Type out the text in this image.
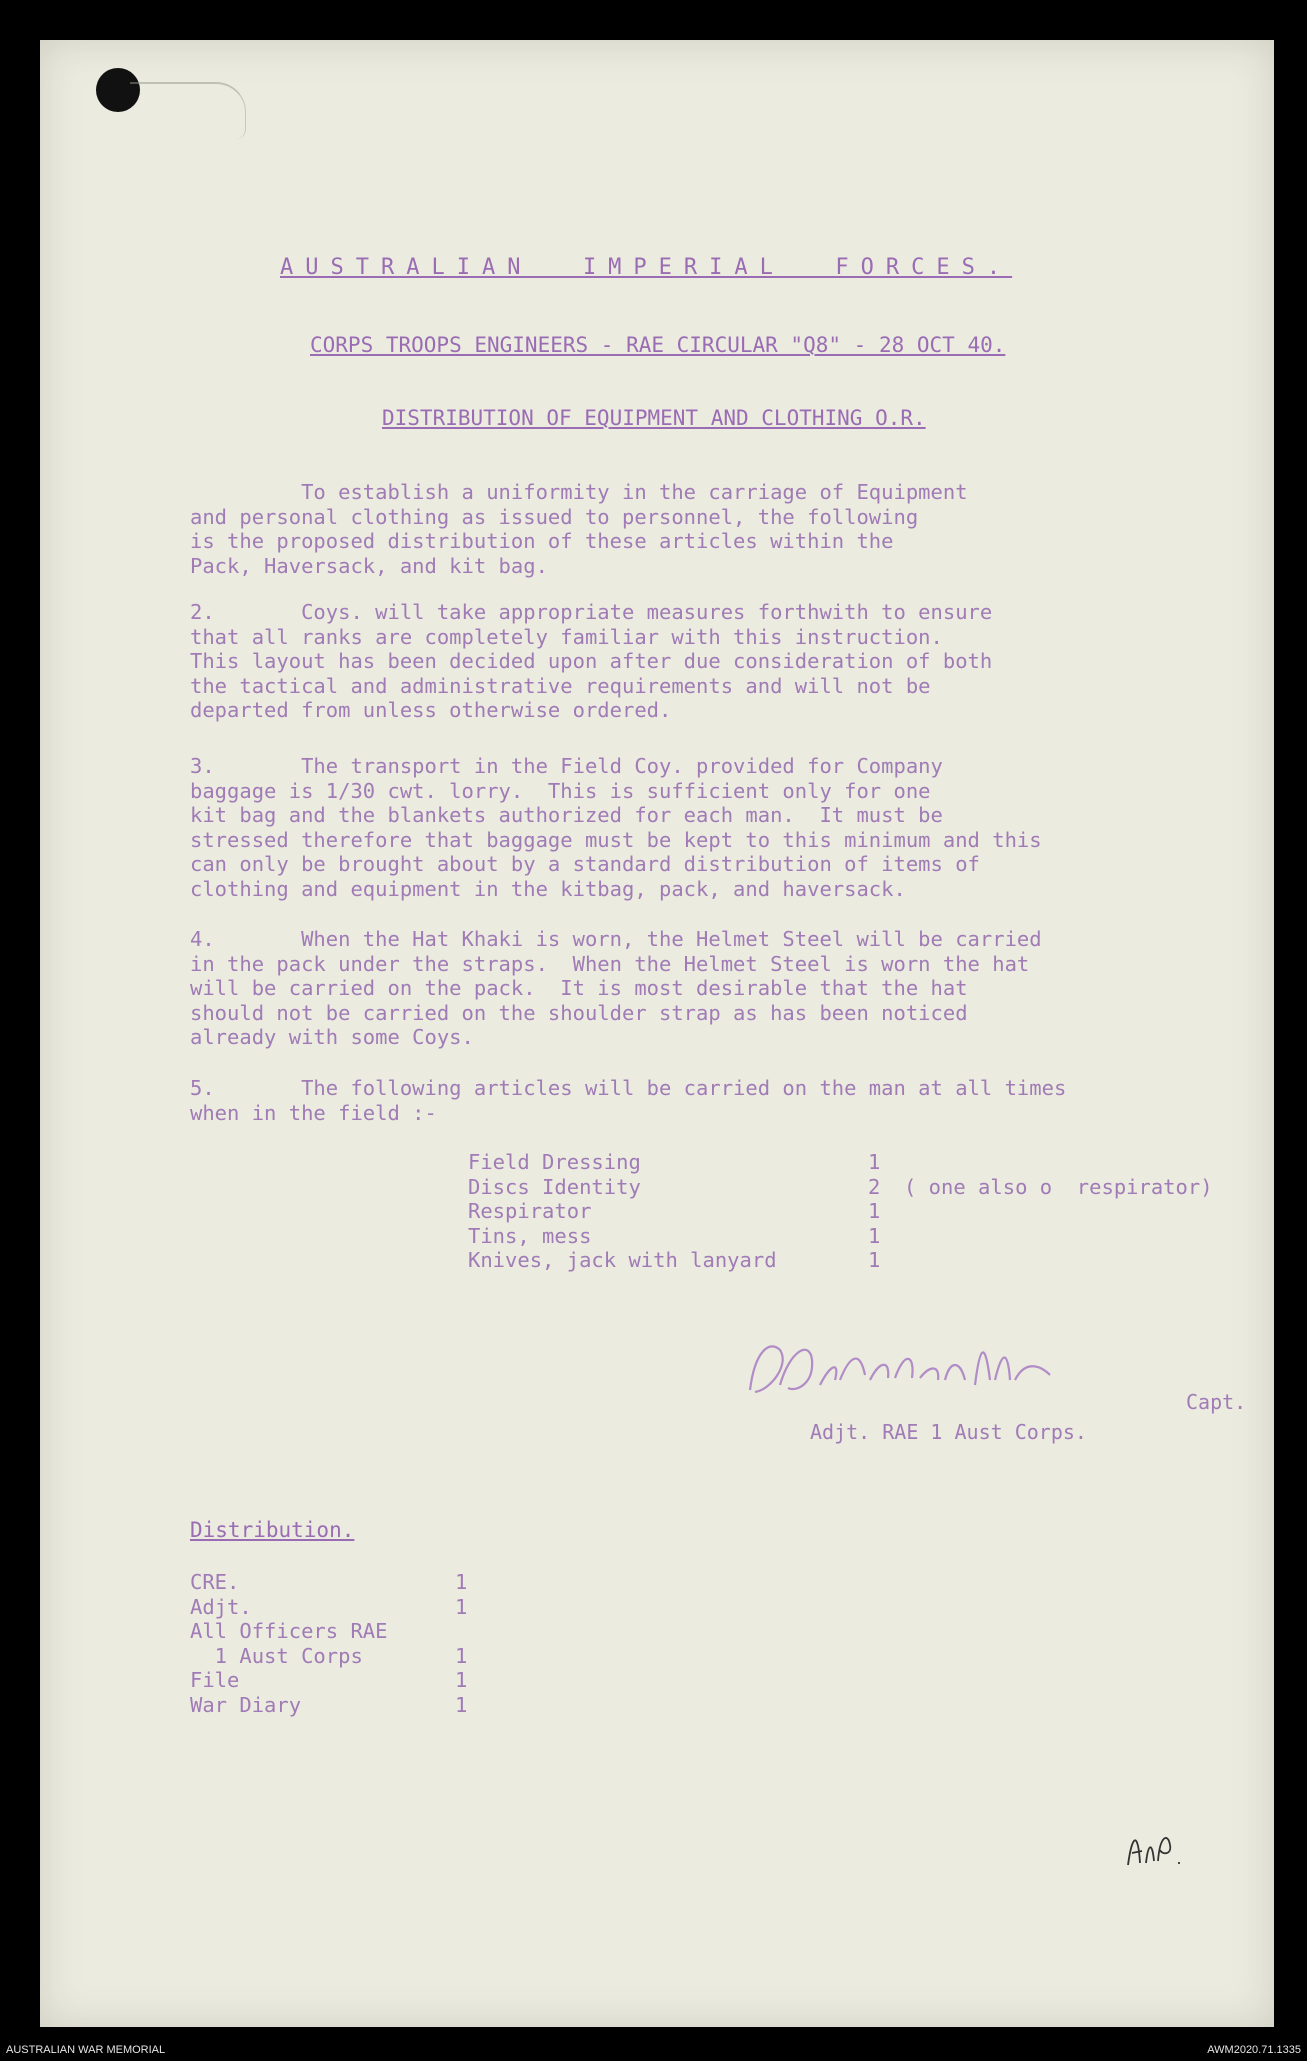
AUSTRALIAN  IMPERIAL  FORCES.
CORPS TROOPS ENGINEERS - RAE CIRCULAR "Q8" - 28 OCT 40.
DISTRIBUTION OF EQUIPMENT AND CLOTHING O.R.
To establish a uniformity in the carriage of Equipment
and personal clothing as issued to personnel, the following
is the proposed distribution of these articles within the
Pack, Haversack, and kit bag.
2.       Coys. will take appropriate measures forthwith to ensure
that all ranks are completely familiar with this instruction.
This layout has been decided upon after due consideration of both
the tactical and administrative requirements and will not be
departed from unless otherwise ordered.
3.       The transport in the Field Coy. provided for Company
baggage is 1/30 cwt. lorry.  This is sufficient only for one
kit bag and the blankets authorized for each man.  It must be
stressed therefore that baggage must be kept to this minimum and this
can only be brought about by a standard distribution of items of
clothing and equipment in the kitbag, pack, and haversack.
4.       When the Hat Khaki is worn, the Helmet Steel will be carried
in the pack under the straps.  When the Helmet Steel is worn the hat
will be carried on the pack.  It is most desirable that the hat
should not be carried on the shoulder strap as has been noticed
already with some Coys.
5.       The following articles will be carried on the man at all times
when in the field :-
Field Dressing	1
Discs Identity	2	( one also o  respirator)
Respirator	1
Tins, mess	1
Knives, jack with lanyard	1
Capt.
Adjt. RAE 1 Aust Corps.
Distribution.
CRE.	1
Adjt.	1
All Officers RAE
1 Aust Corps	1
File	1
War Diary	1
AUSTRALIAN WAR MEMORIAL	AWM2020.71.1335
